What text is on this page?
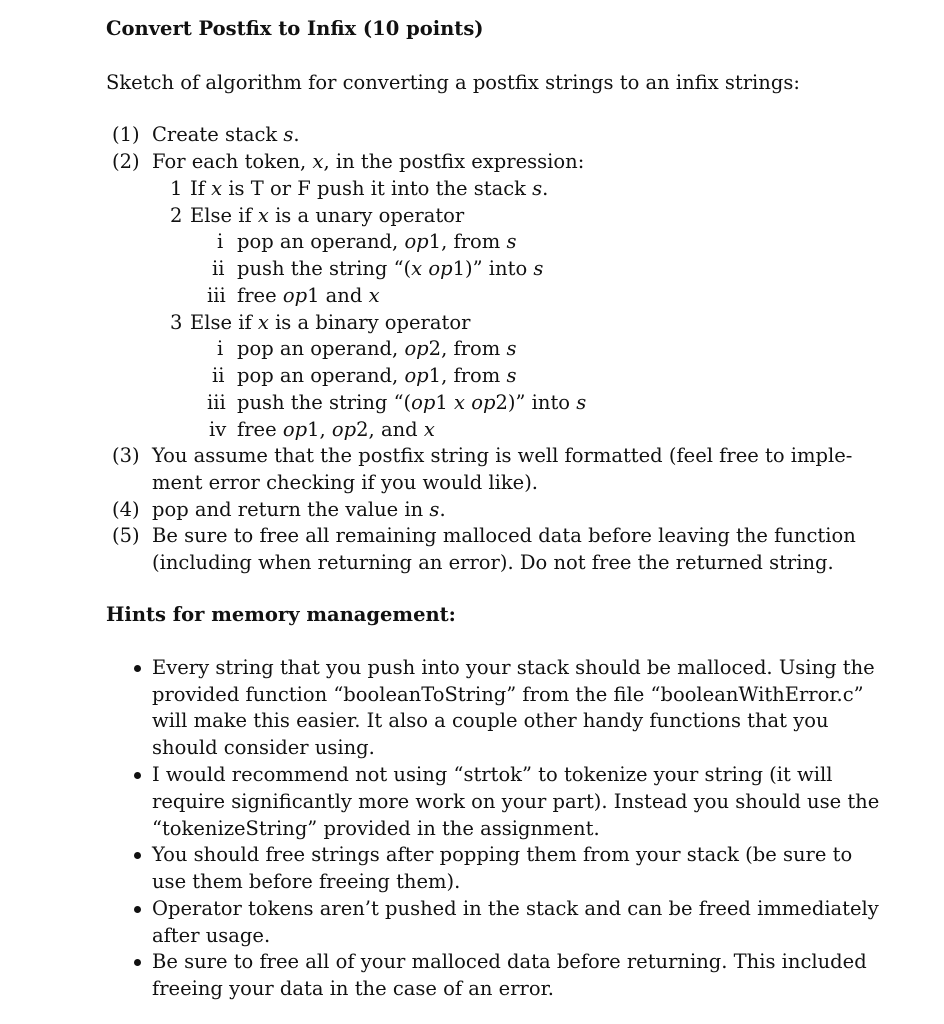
Convert Postfix to Infix (10 points)
Sketch of algorithm for converting a postfix strings to an infix strings:
(1) Create stack s.
(2) For each token, x, in the postfix expression:
1 If x is T or F push it into the stack s.
2 Else if x is a unary operator
i pop an operand, op1, from s
ii push the string “(x op1)” into s
iii free op1 and x
3 Else if x is a binary operator
i pop an operand, op2, from s
ii pop an operand, op1, from s
iii push the string “(op1 x op2)” into s
iv free op1, op2, and x
(3) You assume that the postfix string is well formatted (feel free to imple-
ment error checking if you would like).
(4) pop and return the value in s.
(5) Be sure to free all remaining malloced data before leaving the function
(including when returning an error). Do not free the returned string.
Hints for memory management:
Every string that you push into your stack should be malloced. Using the
provided function “booleanToString” from the file “booleanWithError.c”
will make this easier. It also a couple other handy functions that you
should consider using.
I would recommend not using “strtok” to tokenize your string (it will
require significantly more work on your part). Instead you should use the
“tokenizeString” provided in the assignment.
You should free strings after popping them from your stack (be sure to
use them before freeing them).
Operator tokens aren’t pushed in the stack and can be freed immediately
after usage.
Be sure to free all of your malloced data before returning. This included
freeing your data in the case of an error.
